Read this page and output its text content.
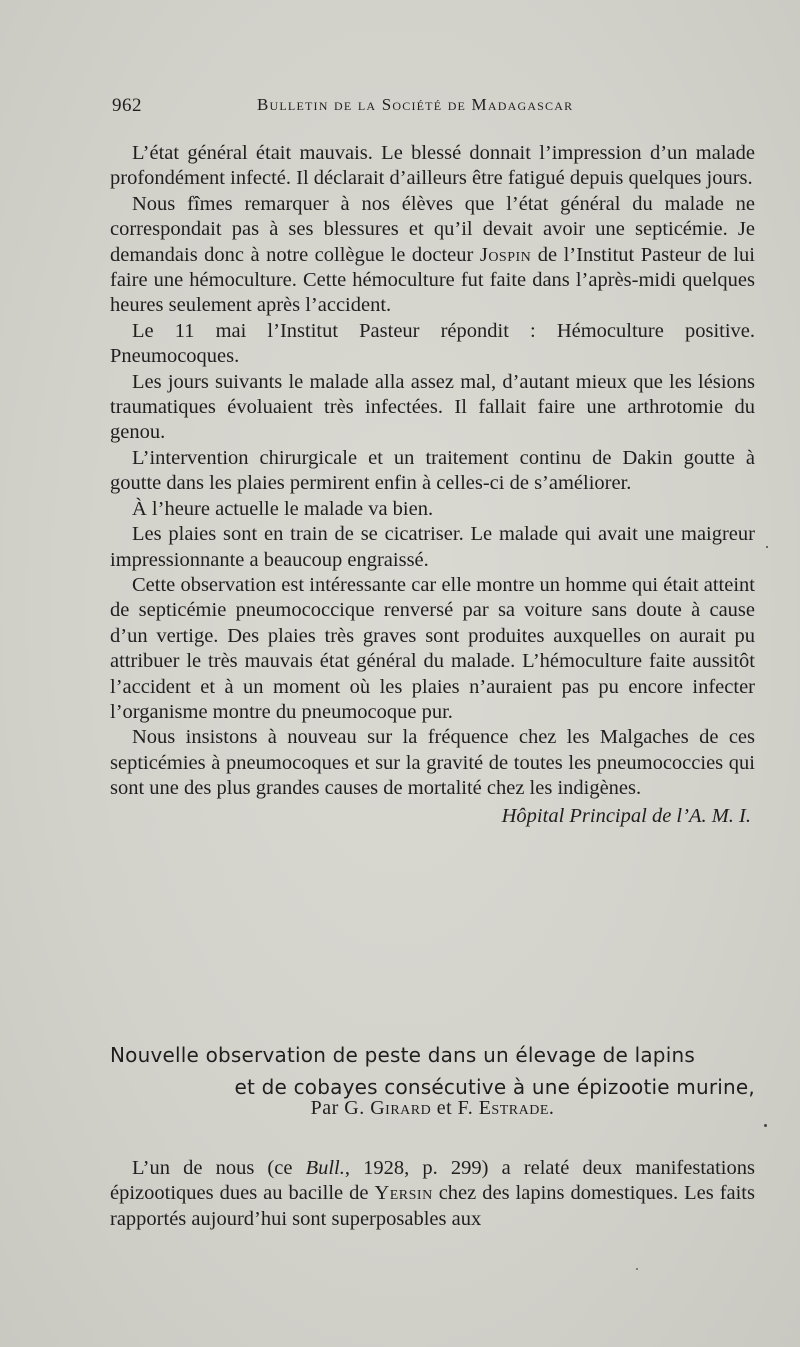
962	Bulletin de la Société de Madagascar

L’état général était mauvais. Le blessé donnait l’impression d’un malade profondément infecté. Il déclarait d’ailleurs être fatigué depuis quelques jours.

Nous fîmes remarquer à nos élèves que l’état général du malade ne correspondait pas à ses blessures et qu’il devait avoir une septicémie. Je demandais donc à notre collègue le docteur Jospin de l’Institut Pasteur de lui faire une hémoculture. Cette hémoculture fut faite dans l’après-midi quelques heures seulement après l’accident.

Le 11 mai l’Institut Pasteur répondit : Hémoculture positive. Pneumocoques.

Les jours suivants le malade alla assez mal, d’autant mieux que les lésions traumatiques évoluaient très infectées. Il fallait faire une arthrotomie du genou.

L’intervention chirurgicale et un traitement continu de Dakin goutte à goutte dans les plaies permirent enfin à celles-ci de s’améliorer.

À l’heure actuelle le malade va bien.

Les plaies sont en train de se cicatriser. Le malade qui avait une maigreur impressionnante a beaucoup engraissé.

Cette observation est intéressante car elle montre un homme qui était atteint de septicémie pneumococcique renversé par sa voiture sans doute à cause d’un vertige. Des plaies très graves sont produites auxquelles on aurait pu attribuer le très mauvais état général du malade. L’hémoculture faite aussitôt l’accident et à un moment où les plaies n’auraient pas pu encore infecter l’organisme montre du pneumocoque pur.

Nous insistons à nouveau sur la fréquence chez les Malgaches de ces septicémies à pneumocoques et sur la gravité de toutes les pneumococcies qui sont une des plus grandes causes de mortalité chez les indigènes.

Hôpital Principal de l’A. M. I.

Nouvelle observation de peste dans un élevage de lapins
et de cobayes consécutive à une épizootie murine,
Par G. Girard et F. Estrade.

L’un de nous (ce Bull., 1928, p. 299) a relaté deux manifestations épizootiques dues au bacille de Yersin chez des lapins domestiques. Les faits rapportés aujourd’hui sont superposables aux
